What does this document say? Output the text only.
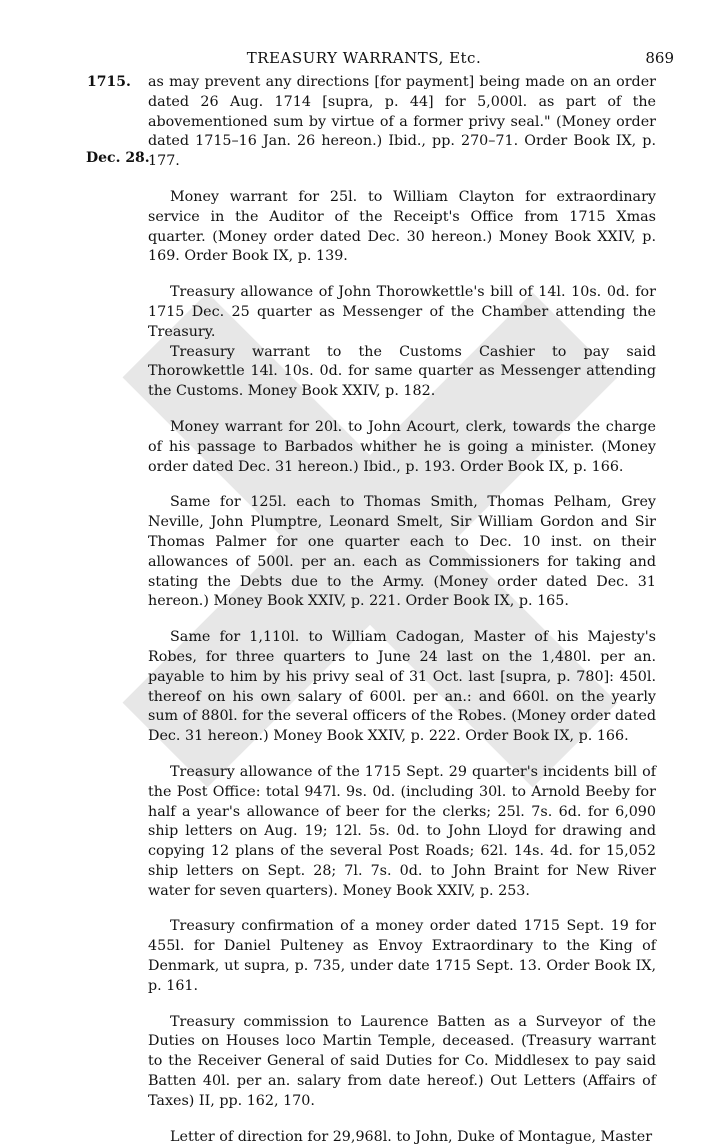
TREASURY WARRANTS, Etc.	869
1715.
Dec. 28.

as may prevent any directions [for payment] being made on an order dated 26 Aug. 1714 [supra, p. 44] for 5,000l. as part of the abovementioned sum by virtue of a former privy seal." (Money order dated 1715–16 Jan. 26 hereon.) Ibid., pp. 270–71. Order Book IX, p. 177.

Money warrant for 25l. to William Clayton for extraordinary service in the Auditor of the Receipt's Office from 1715 Xmas quarter. (Money order dated Dec. 30 hereon.) Money Book XXIV, p. 169. Order Book IX, p. 139.

Treasury allowance of John Thorowkettle's bill of 14l. 10s. 0d. for 1715 Dec. 25 quarter as Messenger of the Chamber attending the Treasury.

Treasury warrant to the Customs Cashier to pay said Thorowkettle 14l. 10s. 0d. for same quarter as Messenger attending the Customs. Money Book XXIV, p. 182.

Money warrant for 20l. to John Acourt, clerk, towards the charge of his passage to Barbados whither he is going a minister. (Money order dated Dec. 31 hereon.) Ibid., p. 193. Order Book IX, p. 166.

Same for 125l. each to Thomas Smith, Thomas Pelham, Grey Neville, John Plumptre, Leonard Smelt, Sir William Gordon and Sir Thomas Palmer for one quarter each to Dec. 10 inst. on their allowances of 500l. per an. each as Commissioners for taking and stating the Debts due to the Army. (Money order dated Dec. 31 hereon.) Money Book XXIV, p. 221. Order Book IX, p. 165.

Same for 1,110l. to William Cadogan, Master of his Majesty's Robes, for three quarters to June 24 last on the 1,480l. per an. payable to him by his privy seal of 31 Oct. last [supra, p. 780]: 450l. thereof on his own salary of 600l. per an.: and 660l. on the yearly sum of 880l. for the several officers of the Robes. (Money order dated Dec. 31 hereon.) Money Book XXIV, p. 222. Order Book IX, p. 166.

Treasury allowance of the 1715 Sept. 29 quarter's incidents bill of the Post Office: total 947l. 9s. 0d. (including 30l. to Arnold Beeby for half a year's allowance of beer for the clerks; 25l. 7s. 6d. for 6,090 ship letters on Aug. 19; 12l. 5s. 0d. to John Lloyd for drawing and copying 12 plans of the several Post Roads; 62l. 14s. 4d. for 15,052 ship letters on Sept. 28; 7l. 7s. 0d. to John Braint for New River water for seven quarters). Money Book XXIV, p. 253.

Treasury confirmation of a money order dated 1715 Sept. 19 for 455l. for Daniel Pulteney as Envoy Extraordinary to the King of Denmark, ut supra, p. 735, under date 1715 Sept. 13. Order Book IX, p. 161.

Treasury commission to Laurence Batten as a Surveyor of the Duties on Houses loco Martin Temple, deceased. (Treasury warrant to the Receiver General of said Duties for Co. Middlesex to pay said Batten 40l. per an. salary from date hereof.) Out Letters (Affairs of Taxes) II, pp. 162, 170.

Letter of direction for 29,968l. to John, Duke of Montague, Master
